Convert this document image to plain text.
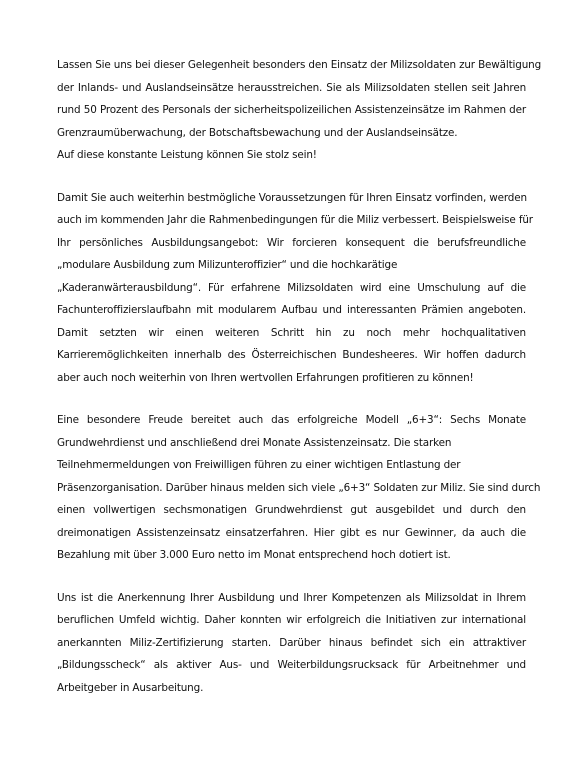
Lassen Sie uns bei dieser Gelegenheit besonders den Einsatz der Milizsoldaten zur Bewältigung
der Inlands- und Auslandseinsätze herausstreichen. Sie als Milizsoldaten stellen seit Jahren
rund 50 Prozent des Personals der sicherheitspolizeilichen Assistenzeinsätze im Rahmen der
Grenzraumüberwachung, der Botschaftsbewachung und der Auslandseinsätze.
Auf diese konstante Leistung können Sie stolz sein!
Damit Sie auch weiterhin bestmögliche Voraussetzungen für Ihren Einsatz vorfinden, werden
auch im kommenden Jahr die Rahmenbedingungen für die Miliz verbessert. Beispielsweise für
Ihr persönliches Ausbildungsangebot: Wir forcieren konsequent die berufsfreundliche
„modulare Ausbildung zum Milizunteroffizier“ und die hochkarätige
„Kaderanwärterausbildung“. Für erfahrene Milizsoldaten wird eine Umschulung auf die
Fachunteroffizierslaufbahn mit modularem Aufbau und interessanten Prämien angeboten.
Damit setzten wir einen weiteren Schritt hin zu noch mehr hochqualitativen
Karrieremöglichkeiten innerhalb des Österreichischen Bundesheeres. Wir hoffen dadurch
aber auch noch weiterhin von Ihren wertvollen Erfahrungen profitieren zu können!
Eine besondere Freude bereitet auch das erfolgreiche Modell „6+3“: Sechs Monate
Grundwehrdienst und anschließend drei Monate Assistenzeinsatz. Die starken
Teilnehmermeldungen von Freiwilligen führen zu einer wichtigen Entlastung der
Präsenzorganisation. Darüber hinaus melden sich viele „6+3“ Soldaten zur Miliz. Sie sind durch
einen vollwertigen sechsmonatigen Grundwehrdienst gut ausgebildet und durch den
dreimonatigen Assistenzeinsatz einsatzerfahren. Hier gibt es nur Gewinner, da auch die
Bezahlung mit über 3.000 Euro netto im Monat entsprechend hoch dotiert ist.
Uns ist die Anerkennung Ihrer Ausbildung und Ihrer Kompetenzen als Milizsoldat in Ihrem
beruflichen Umfeld wichtig. Daher konnten wir erfolgreich die Initiativen zur international
anerkannten Miliz-Zertifizierung starten. Darüber hinaus befindet sich ein attraktiver
„Bildungsscheck“ als aktiver Aus- und Weiterbildungsrucksack für Arbeitnehmer und
Arbeitgeber in Ausarbeitung.
